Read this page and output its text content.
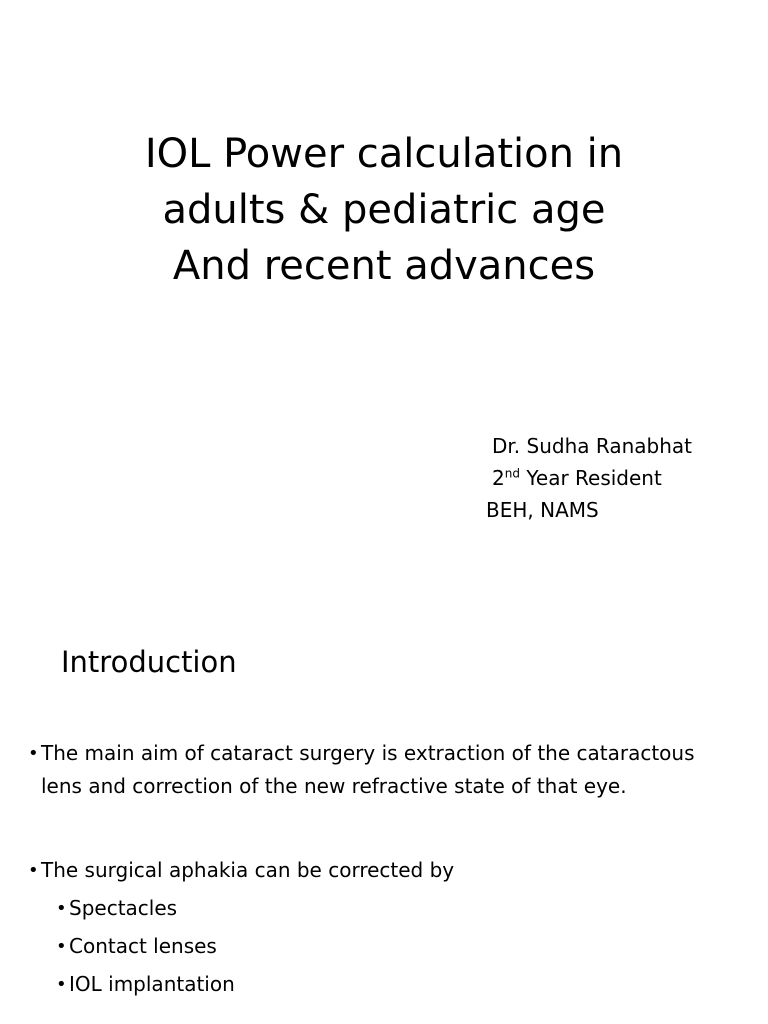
IOL Power calculation in
adults & pediatric age
And recent advances
Dr. Sudha Ranabhat
2nd Year Resident
BEH, NAMS
Introduction
• The main aim of cataract surgery is extraction of the cataractous lens and correction of the new refractive state of that eye.
• The surgical aphakia can be corrected by
• Spectacles
• Contact lenses
• IOL implantation
